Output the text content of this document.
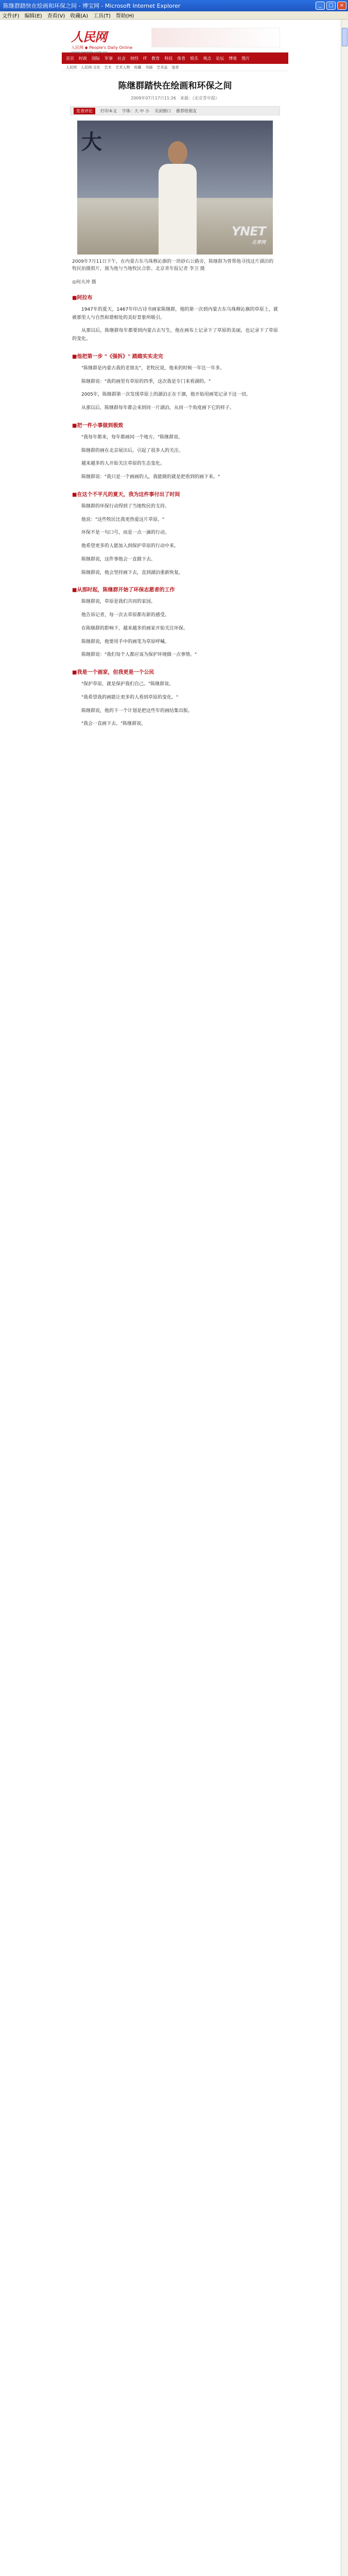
陈继群踏快在绘画和环保之间 - 博宝网 - Microsoft Internet Explorer	_	□	×
文件(F) 编辑(E) 查看(V) 收藏(A) 工具(T) 帮助(H)
人民网
人民网 ◆ People's Daily Online
www.people.com.cn
首页 时政 国际 军事 社会 财经 IT 教育 科技 体育 娱乐 观点 论坛 博客 图片
人民网 人民网-文化 艺术 艺术人物 收藏 书画 艺术品 鉴赏
陈继群踏快在绘画和环保之间
2009年07月17日11:26　来源：《北京青年报》
发表评论	打印本文 字体：大 中 小 关闭窗口 推荐给朋友
大
YNET
北青网
2009年7月11日下午，在内蒙古东乌珠穆沁旗的一块砂石公路旁，陈继群为曾帮他寻找这片湖泊的牧民拍摄照片，图为他与当地牧民合影。北京青年报记者 李卫 摄
◎何夫冲 摄
■阿拉布

1947年的夏天，1467年印古诗书画家陈继群，他的第一次到内蒙古东乌珠穆沁旗的草原上，就被那里人与自然和谐相处的美好景象所吸引。

从那以后，陈继群每年都要到内蒙古去写生，他在画布上记录下了草原的美丽，也记录下了草原的变化。

■他把第一步 "《强拆》" 踏踏实实走完

"陈继群是内蒙古我的老朋友"，老牧民说，他来的时候一年比一年多。

陈继群说："我的画里有草原的四季，这次我是专门来看湖的。"

2005年，陈继群第一次发现草原上的湖泊正在干涸，他开始用画笔记录下这一切。

从那以后，陈继群每年都会来到同一片湖泊，从同一个角度画下它的样子。

■把一件小事做到极致

"我每年都来，每年都画同一个地方。"陈继群说。

陈继群的画在北京展出后，引起了很多人的关注。

越来越多的人开始关注草原的生态变化。

陈继群说："我只是一个画画的人，我能做的就是把看到的画下来。"

■在这个不平凡的夏天，我为这件事付出了时间

陈继群的环保行动得到了当地牧民的支持。

他说："这些牧民比我更热爱这片草原。"

环保不是一句口号，而是一点一滴的行动。

他希望更多的人能加入到保护草原的行动中来。

陈继群说，这件事他会一直做下去。

陈继群说，他会坚持画下去，直到湖泊重新恢复。

■从那时起，陈继群开始了环保志愿者的工作

陈继群说，草原是我们共同的家园。

他告诉记者，每一次去草原都有新的感受。

在陈继群的影响下，越来越多的画家开始关注环保。

陈继群说，他要用手中的画笔为草原呼喊。

陈继群说："我们每个人都应该为保护环境做一点事情。"

■我是一个画家，但我更是一个公民

"保护草原，就是保护我们自己。"陈继群说。

"我希望我的画能让更多的人看到草原的变化。"

陈继群说，他的下一个计划是把这些年的画结集出版。

"我会一直画下去。"陈继群说。
